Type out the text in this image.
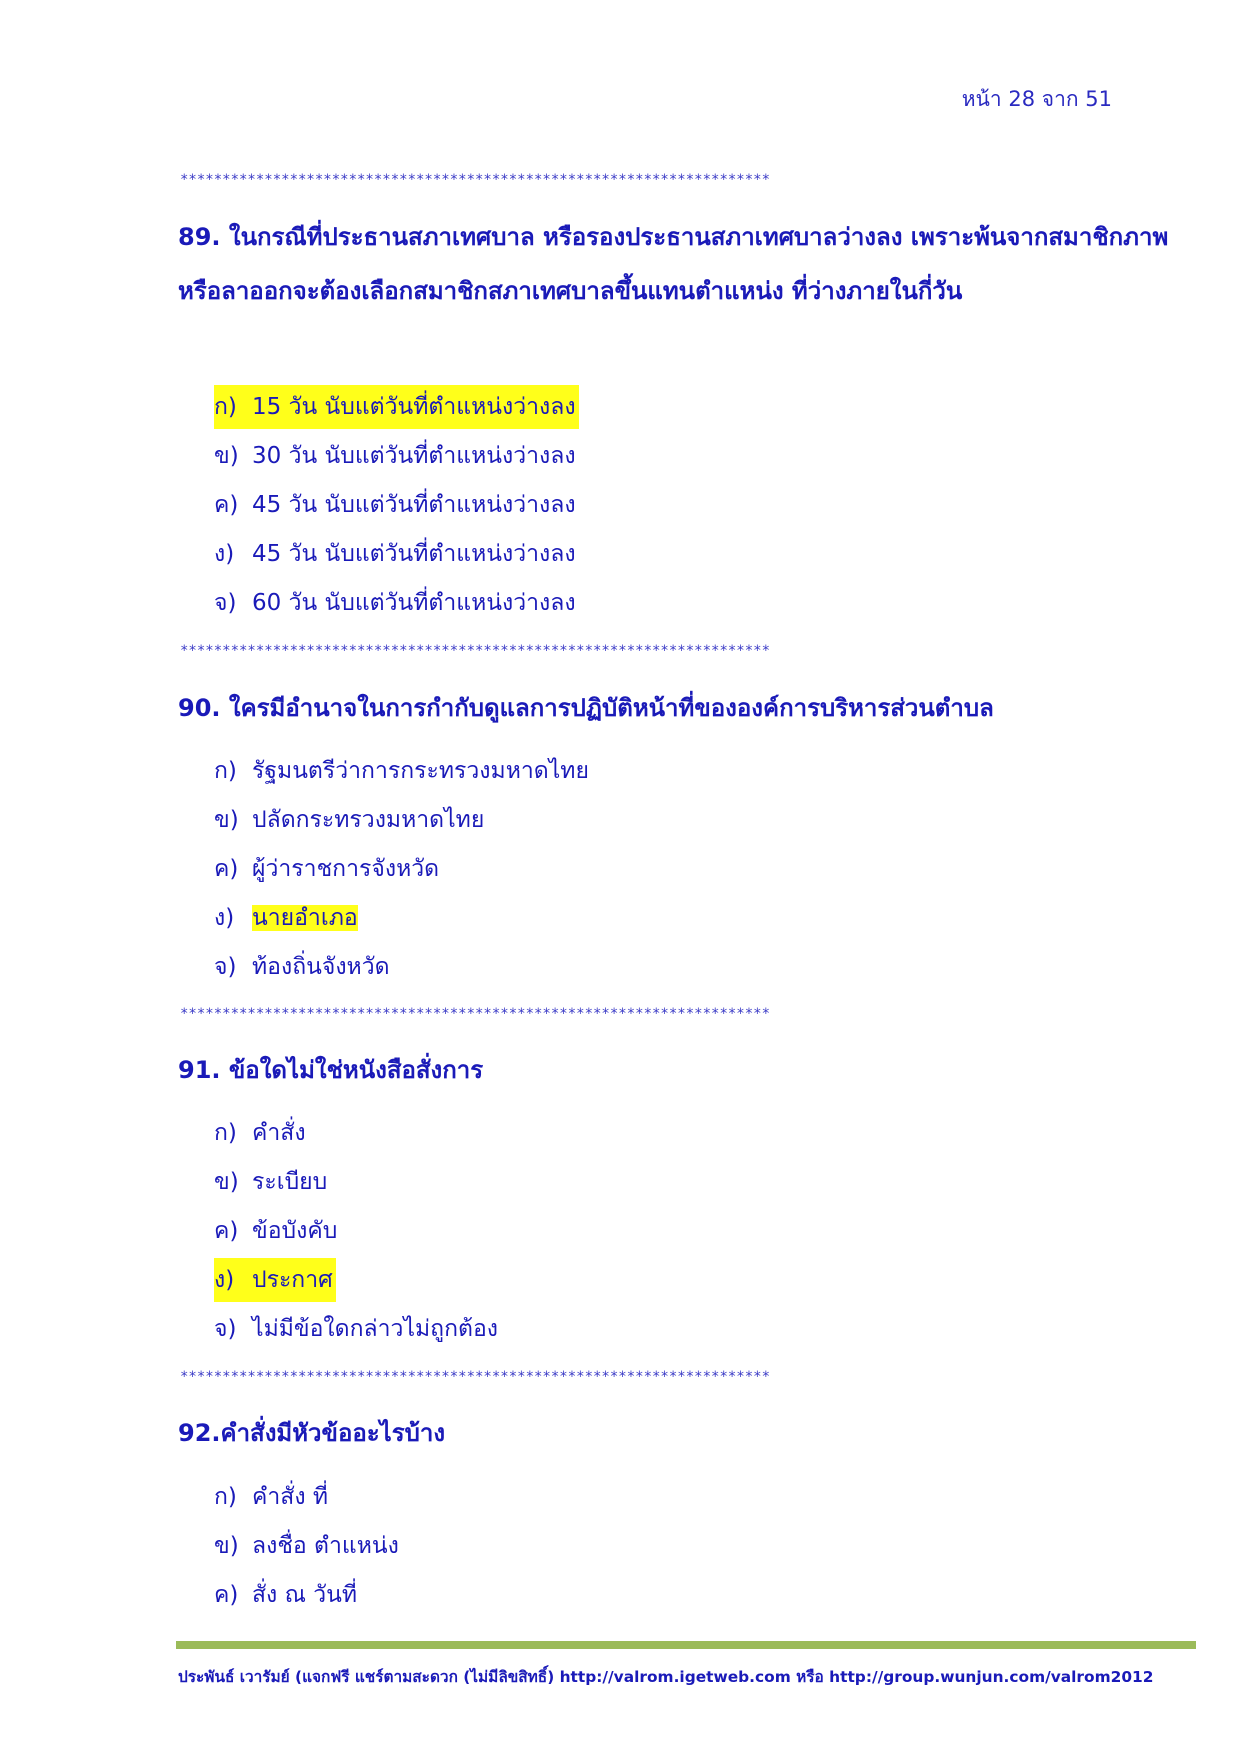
หน้า 28 จาก 51
**********************************************************************
89. ในกรณีที่ประธานสภาเทศบาล หรือรองประธานสภาเทศบาลว่างลง เพราะพ้นจากสมาชิกภาพหรือลาออกจะต้องเลือกสมาชิกสภาเทศบาลขึ้นแทนตำแหน่ง ที่ว่างภายในกี่วัน
ก) 15 วัน นับแต่วันที่ตำแหน่งว่างลง
ข) 30 วัน นับแต่วันที่ตำแหน่งว่างลง
ค) 45 วัน นับแต่วันที่ตำแหน่งว่างลง
ง) 45 วัน นับแต่วันที่ตำแหน่งว่างลง
จ) 60 วัน นับแต่วันที่ตำแหน่งว่างลง
**********************************************************************
90. ใครมีอำนาจในการกำกับดูแลการปฏิบัติหน้าที่ขององค์การบริหารส่วนตำบล
ก) รัฐมนตรีว่าการกระทรวงมหาดไทย
ข) ปลัดกระทรวงมหาดไทย
ค) ผู้ว่าราชการจังหวัด
ง) นายอำเภอ
จ) ท้องถิ่นจังหวัด
**********************************************************************
91. ข้อใดไม่ใช่หนังสือสั่งการ
ก) คำสั่ง
ข) ระเบียบ
ค) ข้อบังคับ
ง) ประกาศ
จ) ไม่มีข้อใดกล่าวไม่ถูกต้อง
**********************************************************************
92.คำสั่งมีหัวข้ออะไรบ้าง
ก) คำสั่ง ที่
ข) ลงชื่อ ตำแหน่ง
ค) สั่ง ณ วันที่
ประพันธ์ เวารัมย์ (แจกฟรี แชร์ตามสะดวก (ไม่มีลิขสิทธิ์) http://valrom.igetweb.com หรือ http://group.wunjun.com/valrom2012
